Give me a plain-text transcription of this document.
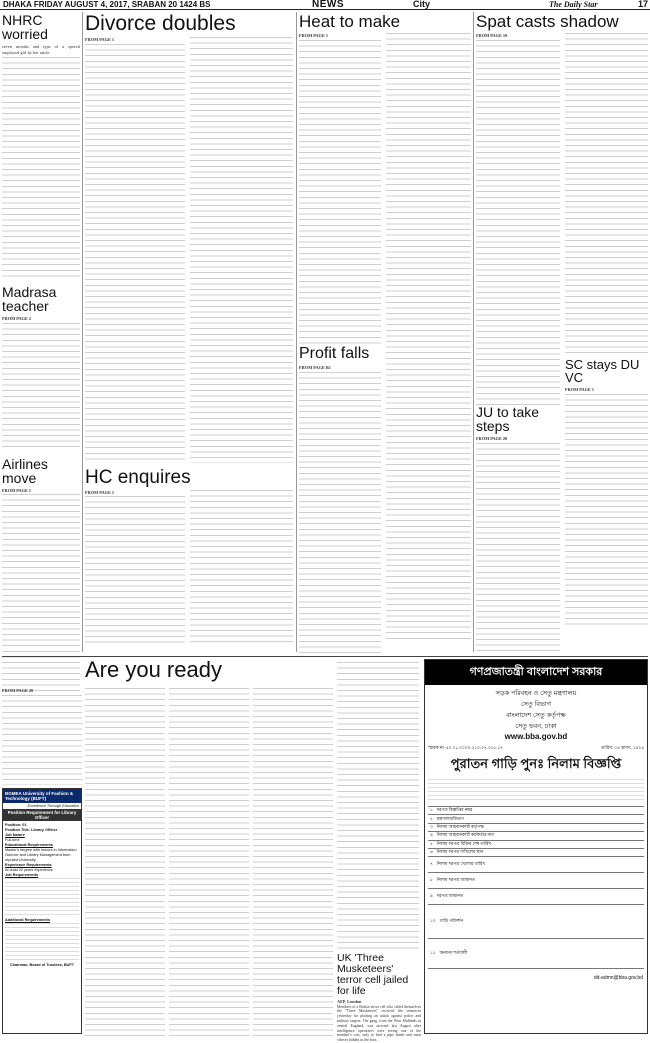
DHAKA FRIDAY AUGUST 4, 2017, SRABAN 20 1424 BS	NEWS	City	The Daily Star	17
NHRC worried
seven months and type of a speech employed girl by her uncle.
Madrasa teacher
FROM PAGE 2
Airlines move
FROM PAGE 1
Divorce doubles
FROM PAGE 1
HC enquires
FROM PAGE 1
Heat to make
FROM PAGE 1
Profit falls
FROM PAGE B1
Spat casts shadow
FROM PAGE 10
SC stays DU VC
FROM PAGE 1
JU to take steps
FROM PAGE 20
Are you ready
FROM PAGE 20
UK 'Three Musketeers' terror cell jailed for life
AFP, London
Members of a British terror cell who called themselves the "Three Musketeers" received life sentences yesterday for plotting an attack against police and military targets. The gang, from the West Midlands in central England, was arrested last August after intelligence operatives were seeing one of the member's cars, only to find a pipe bomb and meat cleaver hidden in the boot.
BGMEA University of Fashion & Technology (BUFT)
Excellence Through Education
Position Requirement for Library Officer
Position: 01
Position Title: Library Officer
Job Nature
Full-time
Educational Requirements
Master's degree with honors in Information Science and Library Management from reputed University.
Experience Requirements
At least 02 years experience
Job Requirements
Additional Requirements
Chairman, Board of Trustees, BUFT
গণপ্রজাতন্ত্রী বাংলাদেশ সরকার
সড়ক পরিবহন ও সেতু মন্ত্রণালয়
সেতু বিভাগ
বাংলাদেশ সেতু কর্তৃপক্ষ
সেতু ভবন, ঢাকা
www.bba.gov.bd
স্মারক নং-৫০.০১.০০০০.২১০.০৭.০১৮.১৭	তারিখ: ০৪ শ্রাবণ, ১৪২৪
পুরাতন গাড়ি পুনঃ নিলাম বিজ্ঞপ্তি
১ দরপত্র বিজ্ঞপ্তির নম্বর
২ মন্ত্রণালয়/বিভাগ
৩ নিলাম আহবানকারী কর্তৃপক্ষ
৪ নিলাম আহবানকারী কর্মকর্তার নাম
৫ নিলাম দরপত্র বিক্রির শেষ তারিখ
৬ নিলাম দরপত্র দাখিলের স্থান
৭ নিলাম দরপত্র খোলার তারিখ
৮ নিলাম দরপত্র জামানত
৯ দরপত্র জামানত
১০ গাড়ি পরিদর্শন
১১ অন্যান্য শর্তাবলী
dd-admn@bba.gov.bd
